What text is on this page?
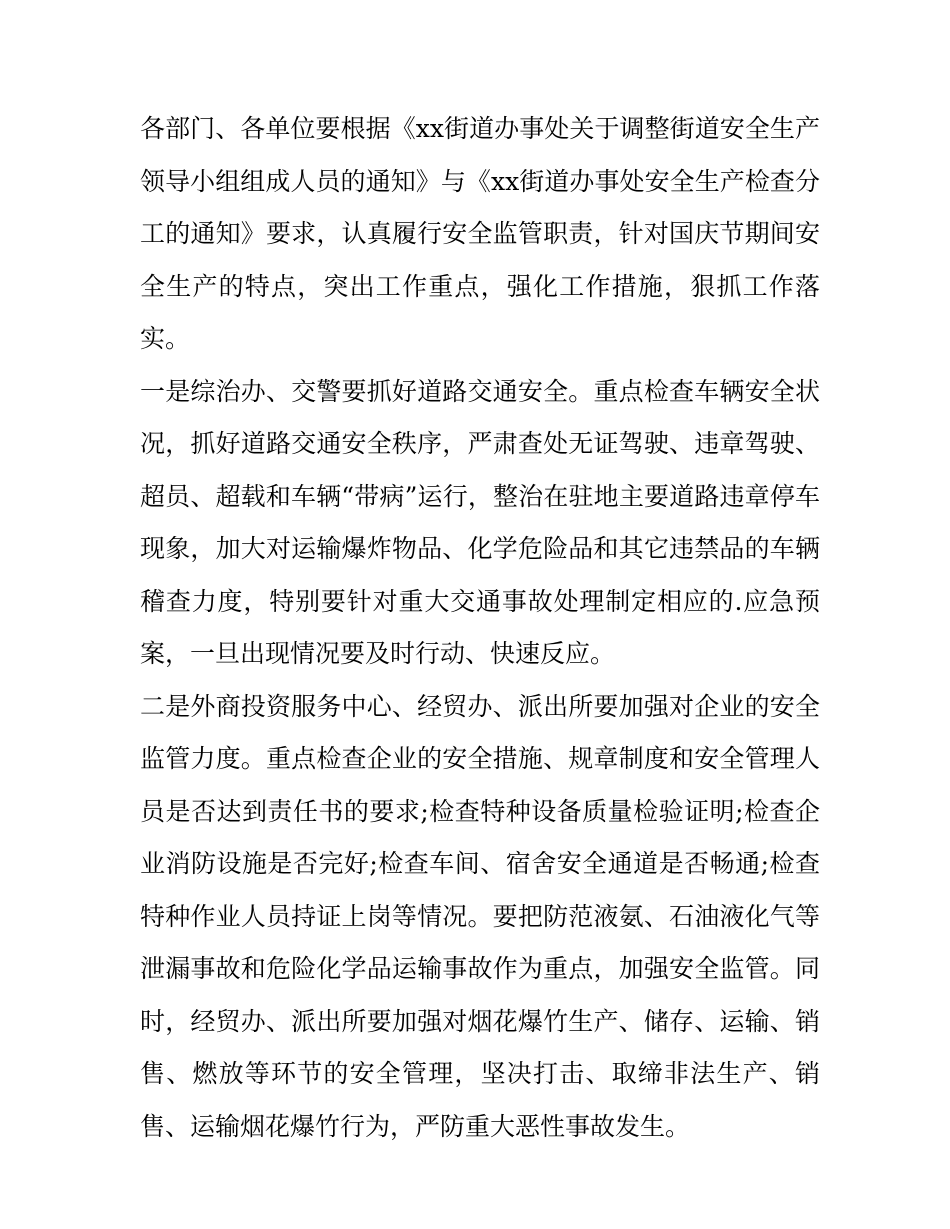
各部门、各单位要根据《xx街道办事处关于调整街道安全生产领导小组组成人员的通知》与《xx街道办事处安全生产检查分工的通知》要求，认真履行安全监管职责，针对国庆节期间安全生产的特点，突出工作重点，强化工作措施，狠抓工作落实。

一是综治办、交警要抓好道路交通安全。重点检查车辆安全状况，抓好道路交通安全秩序，严肃查处无证驾驶、违章驾驶、超员、超载和车辆“带病”运行，整治在驻地主要道路违章停车现象，加大对运输爆炸物品、化学危险品和其它违禁品的车辆稽查力度，特别要针对重大交通事故处理制定相应的.应急预案，一旦出现情况要及时行动、快速反应。

二是外商投资服务中心、经贸办、派出所要加强对企业的安全监管力度。重点检查企业的安全措施、规章制度和安全管理人员是否达到责任书的要求;检查特种设备质量检验证明;检查企业消防设施是否完好;检查车间、宿舍安全通道是否畅通;检查特种作业人员持证上岗等情况。要把防范液氨、石油液化气等泄漏事故和危险化学品运输事故作为重点，加强安全监管。同时，经贸办、派出所要加强对烟花爆竹生产、储存、运输、销售、燃放等环节的安全管理，坚决打击、取缔非法生产、销售、运输烟花爆竹行为，严防重大恶性事故发生。
